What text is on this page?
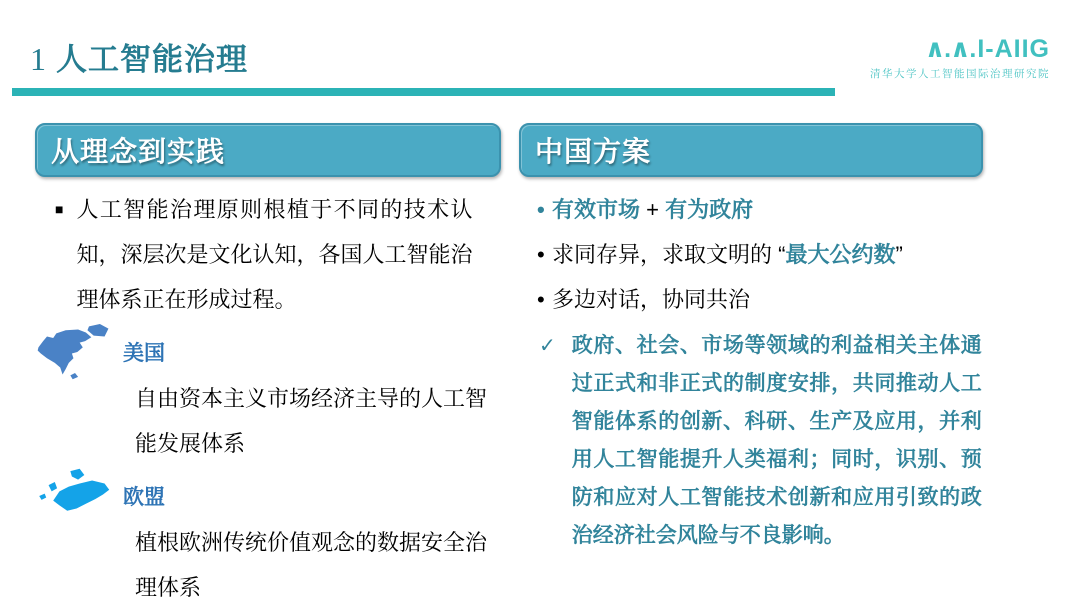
1 人工智能治理	∧.∧.I-AIIG
清华大学人工智能国际治理研究院
从理念到实践
■ 人工智能治理原则根植于不同的技术认知，深层次是文化认知，各国人工智能治理体系正在形成过程。
美国
自由资本主义市场经济主导的人工智能发展体系
欧盟
植根欧洲传统价值观念的数据安全治理体系
中国方案
• 有效市场 + 有为政府
• 求同存异，求取文明的 “最大公约数”
• 多边对话，协同共治
✓ 政府、社会、市场等领域的利益相关主体通过正式和非正式的制度安排，共同推动人工智能体系的创新、科研、生产及应用，并利用人工智能提升人类福利；同时，识别、预防和应对人工智能技术创新和应用引致的政治经济社会风险与不良影响。
